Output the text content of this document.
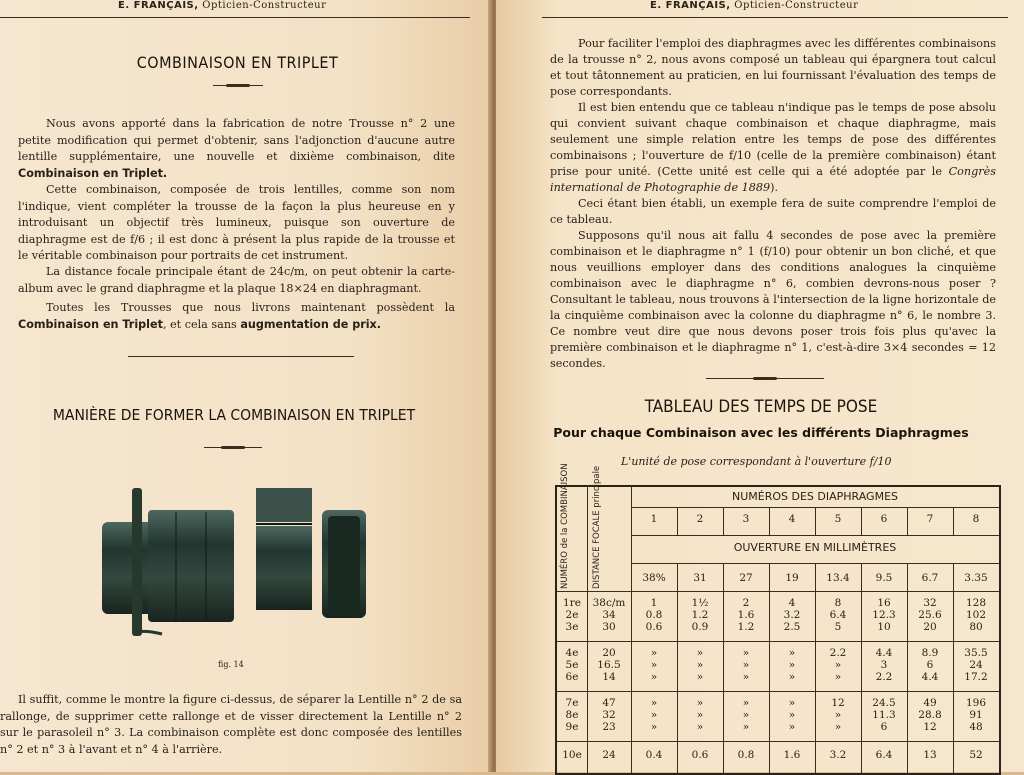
E. FRANÇAIS, Opticien-Constructeur
COMBINAISON EN TRIPLET

Nous avons apporté dans la fabrication de notre Trousse n° 2 une petite modification qui permet d'obtenir, sans l'adjonction d'aucune autre lentille supplémentaire, une nouvelle et dixième combinaison, dite Combinaison en Triplet.

Cette combinaison, composée de trois lentilles, comme son nom l'indique, vient compléter la trousse de la façon la plus heureuse en y introduisant un objectif très lumineux, puisque son ouverture de diaphragme est de f/6 ; il est donc à présent la plus rapide de la trousse et le véritable combinaison pour portraits de cet instrument.

La distance focale principale étant de 24c/m, on peut obtenir la carte-album avec le grand diaphragme et la plaque 18×24 en diaphragmant.

Toutes les Trousses que nous livrons maintenant possèdent la Combinaison en Triplet, et cela sans augmentation de prix.

MANIÈRE DE FORMER LA COMBINAISON EN TRIPLET
fig. 14

Il suffit, comme le montre la figure ci-dessus, de séparer la Lentille n° 2 de sa rallonge, de supprimer cette rallonge et de visser directement la Lentille n° 2 sur le parasoleil n° 3. La combinaison complète est donc composée des lentilles n° 2 et n° 3 à l'avant et n° 4 à l'arrière.

E. FRANÇAIS, Opticien-Constructeur

Pour faciliter l'emploi des diaphragmes avec les différentes combinaisons de la trousse n° 2, nous avons composé un tableau qui épargnera tout calcul et tout tâtonnement au praticien, en lui fournissant l'évaluation des temps de pose correspondants.

Il est bien entendu que ce tableau n'indique pas le temps de pose absolu qui convient suivant chaque combinaison et chaque diaphragme, mais seulement une simple relation entre les temps de pose des différentes combinaisons ; l'ouverture de f/10 (celle de la première combinaison) étant prise pour unité. (Cette unité est celle qui a été adoptée par le Congrès international de Photographie de 1889).

Ceci étant bien établi, un exemple fera de suite comprendre l'emploi de ce tableau.

Supposons qu'il nous ait fallu 4 secondes de pose avec la première combinaison et le diaphragme n° 1 (f/10) pour obtenir un bon cliché, et que nous veuillions employer dans des conditions analogues la cinquième combinaison avec le diaphragme n° 6, combien devrons-nous poser ? Consultant le tableau, nous trouvons à l'intersection de la ligne horizontale de la cinquième combinaison avec la colonne du diaphragme n° 6, le nombre 3. Ce nombre veut dire que nous devons poser trois fois plus qu'avec la première combinaison et le diaphragme n° 1, c'est-à-dire 3×4 secondes = 12 secondes.

TABLEAU DES TEMPS DE POSE
Pour chaque Combinaison avec les différents Diaphragmes
L'unité de pose correspondant à l'ouverture f/10
NUMÉRO de la COMBINAISON	DISTANCE FOCALE principale	NUMÉROS DES DIAPHRAGMES
OUVERTURE EN MILLIMÈTRES
1	2	3	4	5	6	7	8
38%	31	27	19	13.4	9.5	6.7	3.35
1re	38c/m	1	1½	2	4	8	16	32	128
2e	34	0.8	1.2	1.6	3.2	6.4	12.3	25.6	102
3e	30	0.6	0.9	1.2	2.5	5	10	20	80
4e	20	»	»	»	»	2.2	4.4	8.9	35.5
5e	16.5	»	»	»	»	»	3	6	24
6e	14	»	»	»	»	»	2.2	4.4	17.2
7e	47	»	»	»	»	12	24.5	49	196
8e	32	»	»	»	»	»	11.3	28.8	91
9e	23	»	»	»	»	»	6	12	48
10e	24	0.4	0.6	0.8	1.6	3.2	6.4	13	52
